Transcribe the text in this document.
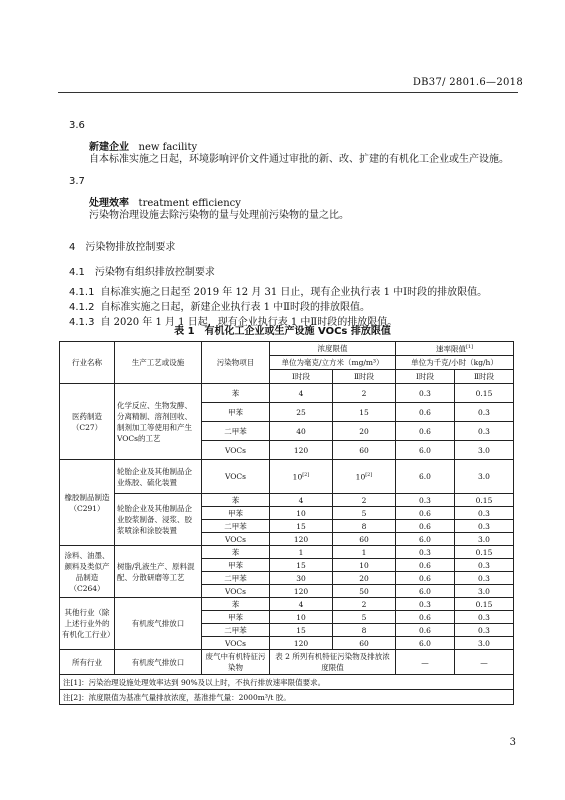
DB37/ 2801.6—2018
3.6
新建企业 new facility
自本标准实施之日起，环境影响评价文件通过审批的新、改、扩建的有机化工企业或生产设施。
3.7
处理效率 treatment efficiency
污染物治理设施去除污染物的量与处理前污染物的量之比。
4　污染物排放控制要求
4.1　污染物有组织排放控制要求
4.1.1 自标准实施之日起至 2019 年 12 月 31 日止，现有企业执行表 1 中Ⅰ时段的排放限值。
4.1.2 自标准实施之日起，新建企业执行表 1 中Ⅱ时段的排放限值。
4.1.3 自 2020 年 1 月 1 日起，现有企业执行表 1 中Ⅱ时段的排放限值。
表 1　有机化工企业或生产设施 VOCs 排放限值
行业名称	生产工艺或设施	污染物项目	浓度限值		速率限值[1]
			单位为毫克/立方米（mg/m³）		单位为千克/小时（kg/h）	
			Ⅰ时段	Ⅱ时段	Ⅰ时段	Ⅱ时段
医药制造（C27）	化学反应、生物发酵、分离精制、溶剂回收、制剂加工等使用和产生VOCs的工艺	苯	4	2	0.3	0.15
		甲苯	25	15	0.6	0.3
		二甲苯	40	20	0.6	0.3
		VOCs	120	60	6.0	3.0
橡胶制品制造（C291）	轮胎企业及其他制品企业炼胶、硫化装置	VOCs	10[2]	10[2]	6.0	3.0
	轮胎企业及其他制品企业胶浆制备、浸浆、胶浆喷涂和涂胶装置	苯	4	2	0.3	0.15
		甲苯	10	5	0.6	0.3
		二甲苯	15	8	0.6	0.3
		VOCs	120	60	6.0	3.0
涂料、油墨、颜料及类似产品制造（C264）	树脂/乳液生产、原料混配、分散研磨等工艺	苯	1	1	0.3	0.15
		甲苯	15	10	0.6	0.3
		二甲苯	30	20	0.6	0.3
		VOCs	120	50	6.0	3.0
其他行业（除上述行业外的有机化工行业）	有机废气排放口	苯	4	2	0.3	0.15
		甲苯	10	5	0.6	0.3
		二甲苯	15	8	0.6	0.3
		VOCs	120	60	6.0	3.0
所有行业	有机废气排放口	废气中有机特征污染物	表 2 所列有机特征污染物及排放浓度限值		—	—
注[1]：污染治理设施处理效率达到 90%及以上时，不执行排放速率限值要求。						
注[2]：浓度限值为基准气量排放浓度，基准排气量：2000m³/t 胶。						
3
